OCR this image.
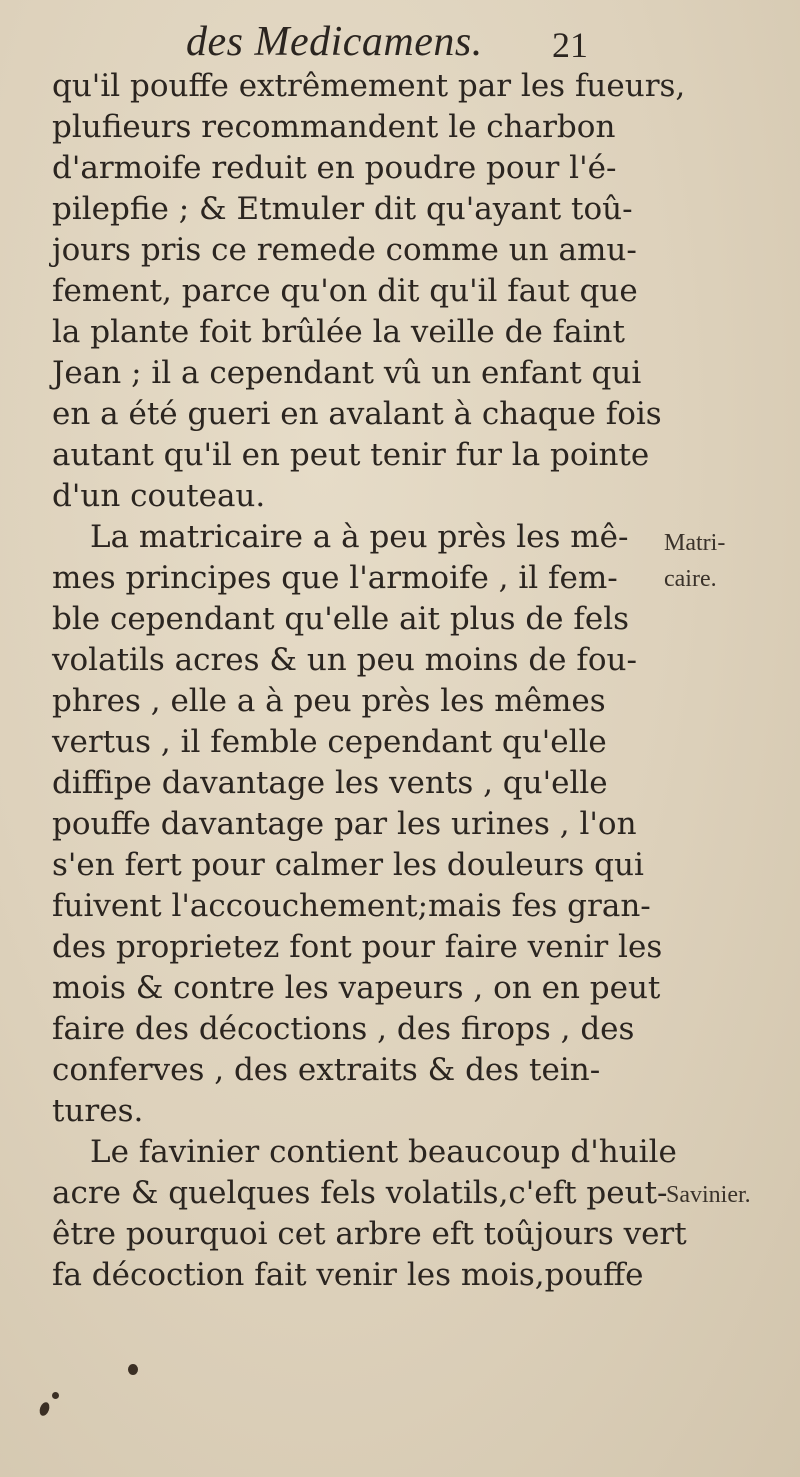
des Medicamens. 21
qu'il pouffe extrêmement par les fueurs,
plufieurs recommandent le charbon
d'armoife reduit en poudre pour l'é-
pilepfie ; & Etmuler dit qu'ayant toû-
jours pris ce remede comme un amu-
fement, parce qu'on dit qu'il faut que
la plante foit brûlée la veille de faint
Jean ; il a cependant vû un enfant qui
en a été gueri en avalant à chaque fois
autant qu'il en peut tenir fur la pointe
d'un couteau.
La matricaire a à peu près les mê-
mes principes que l'armoife , il fem-
ble cependant qu'elle ait plus de fels
volatils acres & un peu moins de fou-
phres , elle a à peu près les mêmes
vertus , il femble cependant qu'elle
diffipe davantage les vents , qu'elle
pouffe davantage par les urines , l'on
s'en fert pour calmer les douleurs qui
fuivent l'accouchement;mais fes gran-
des proprietez font pour faire venir les
mois & contre les vapeurs , on en peut
faire des décoctions , des firops , des
conferves , des extraits & des tein-
tures.
Le favinier contient beaucoup d'huile
acre & quelques fels volatils,c'eft peut-
être pourquoi cet arbre eft toûjours vert
fa décoction fait venir les mois,pouffe
Matri-
caire.
Savinier.
